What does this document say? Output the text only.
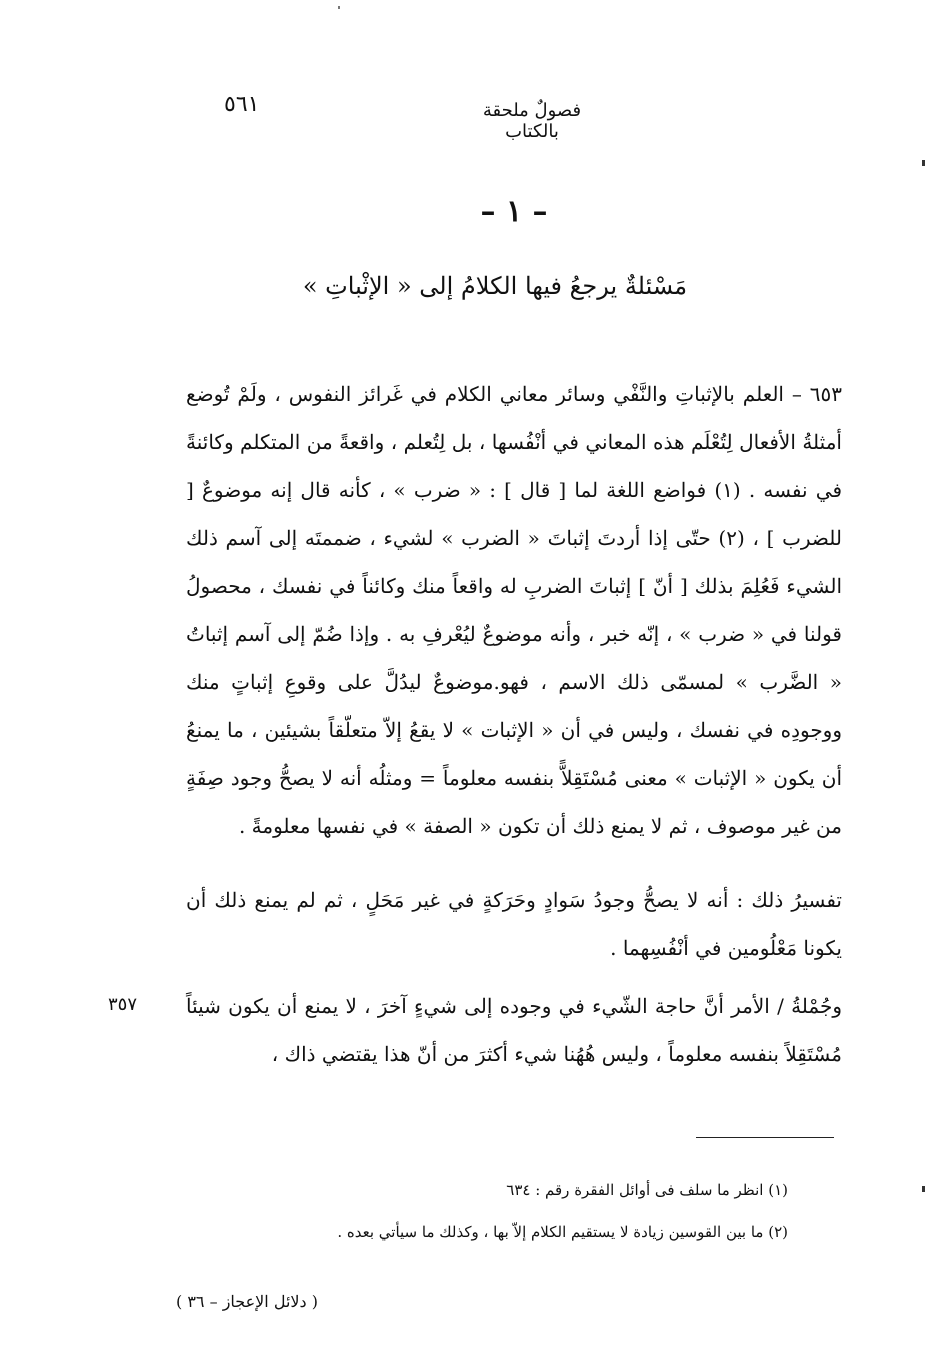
٥٦١	فصولٌ ملحقة بالكتاب
– ١ –
مَسْئلةٌ يرجعُ فيها الكلامُ إلى « الإثْباتِ »
٦٥٣ – العلم بالإثباتِ والنَّفْي وسائر معاني الكلام في غَرائز النفوس ، ولَمْ تُوضع أمثلةُ الأفعال لِتُعْلَم هذه المعاني في أنْفُسها ، بل لِتُعلم ، واقعةً من المتكلم وكائنةً في نفسه . (١) فواضع اللغة لما [ قال ] : « ضرب » ، كأنه قال إنه موضوعٌ [ للضرب ] ، (٢) حتّى إذا أردتَ إثباتَ « الضرب » لشيء ، ضممتَه إلى آسم ذلك الشيء فَعُلِمَ بذلك [ أنّ ] إثباتَ الضربِ له واقعاً منك وكائناً في نفسك ، محصولُ قولنا في « ضرب » ، إنّه خبر ، وأنه موضوعٌ ليُعْرفِ به . وإذا ضُمّ إلى آسم إثباتُ « الضَّرب » لمسمّى ذلك الاسم ، فهو.موضوعٌ ليدُلَّ على وقوعِ إثباتٍ منك ووجودِه في نفسك ، وليس في أن « الإثبات » لا يقعُ إلاّ متعلّقاً بشيئين ، ما يمنعُ أن يكون « الإثبات » معنى مُسْتَقِلاًّ بنفسه معلوماً = ومثلُه أنه لا يصحُّ وجود صِفَةٍ من غير موصوف ، ثم لا يمنع ذلك أن تكون « الصفة » في نفسها معلومةً .
تفسيرُ ذلك : أنه لا يصحُّ وجودُ سَوادٍ وحَرَكةٍ في غير مَحَلٍ ، ثم لم يمنع ذلك أن يكونا مَعْلُومين في أنْفُسِهما .
وجُمْلةُ / الأمر أنَّ حاجة الشّيء في وجوده إلى شيءٍ آخرَ ، لا يمنع أن يكون شيئاً مُسْتَقِلاً بنفسه معلوماً ، وليس هُهُنا شيء أكثرَ من أنّ هذا يقتضي ذاك ،
٣٥٧
(١) انظر ما سلف فى أوائل الفقرة رقم : ٦٣٤
(٢) ما بين القوسين زيادة لا يستقيم الكلام إلاّ بها ، وكذلك ما سيأتي بعده .
( دلائل الإعجاز – ٣٦ )
